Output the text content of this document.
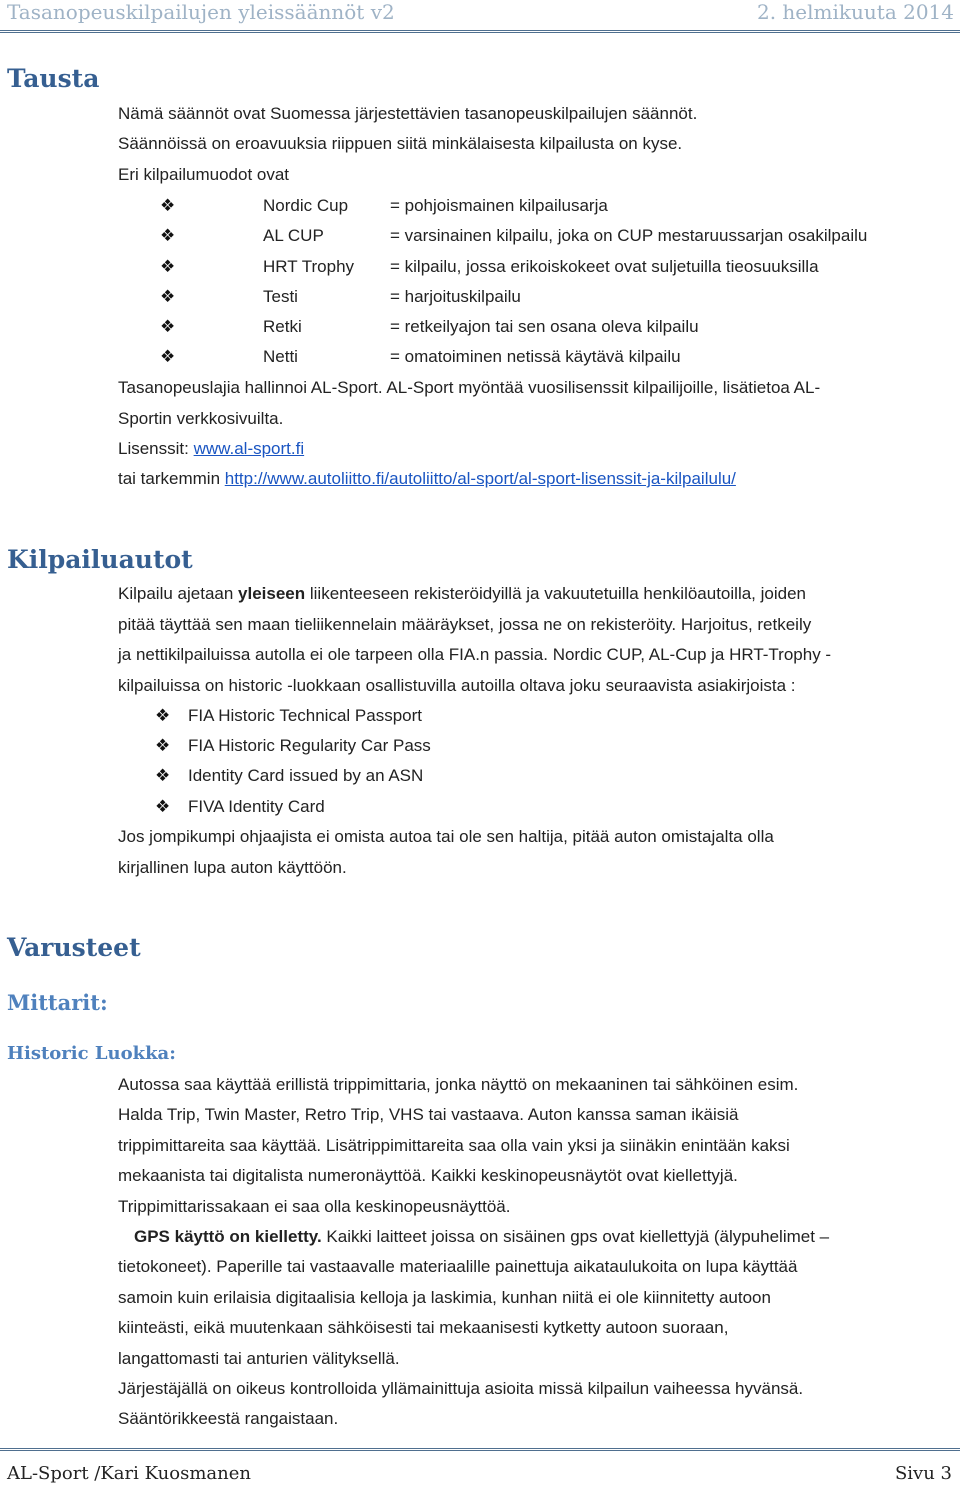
Tasanopeuskilpailujen yleissäännöt v2	2. helmikuuta 2014
Tausta
Nämä säännöt ovat Suomessa järjestettävien tasanopeuskilpailujen säännöt.
Säännöissä on eroavuuksia riippuen siitä minkälaisesta kilpailusta on kyse.
Eri kilpailumuodot ovat
❖	Nordic Cup = pohjoismainen kilpailusarja
❖	AL CUP	= varsinainen kilpailu, joka on CUP mestaruussarjan osakilpailu
❖	HRT Trophy = kilpailu, jossa erikoiskokeet ovat suljetuilla tieosuuksilla
❖	Testi	= harjoituskilpailu
❖	Retki	= retkeilyajon tai sen osana oleva kilpailu
❖	Netti	= omatoiminen netissä käytävä kilpailu
Tasanopeuslajia hallinnoi AL-Sport. AL-Sport myöntää vuosilisenssit kilpailijoille, lisätietoa AL-
Sportin verkkosivuilta.
Lisenssit: www.al-sport.fi
tai tarkemmin http://www.autoliitto.fi/autoliitto/al-sport/al-sport-lisenssit-ja-kilpailulu/
Kilpailuautot
Kilpailu ajetaan yleiseen liikenteeseen rekisteröidyillä ja vakuutetuilla henkilöautoilla, joiden
pitää täyttää sen maan tieliikennelain määräykset, jossa ne on rekisteröity. Harjoitus, retkeily
ja nettikilpailuissa autolla ei ole tarpeen olla FIA.n passia. Nordic CUP, AL-Cup ja HRT-Trophy -
kilpailuissa on historic -luokkaan osallistuvilla autoilla oltava joku seuraavista asiakirjoista :
❖ FIA Historic Technical Passport
❖ FIA Historic Regularity Car Pass
❖ Identity Card issued by an ASN
❖ FIVA Identity Card
Jos jompikumpi ohjaajista ei omista autoa tai ole sen haltija, pitää auton omistajalta olla
kirjallinen lupa auton käyttöön.
Varusteet
Mittarit:
Historic Luokka:
Autossa saa käyttää erillistä trippimittaria, jonka näyttö on mekaaninen tai sähköinen esim.
Halda Trip, Twin Master, Retro Trip, VHS tai vastaava. Auton kanssa saman ikäisiä
trippimittareita saa käyttää. Lisätrippimittareita saa olla vain yksi ja siinäkin enintään kaksi
mekaanista tai digitalista numeronäyttöä. Kaikki keskinopeusnäytöt ovat kiellettyjä.
Trippimittarissakaan ei saa olla keskinopeusnäyttöä.
GPS käyttö on kielletty. Kaikki laitteet joissa on sisäinen gps ovat kiellettyjä (älypuhelimet –
tietokoneet). Paperille tai vastaavalle materiaalille painettuja aikataulukoita on lupa käyttää
samoin kuin erilaisia digitaalisia kelloja ja laskimia, kunhan niitä ei ole kiinnitetty autoon
kiinteästi, eikä muutenkaan sähköisesti tai mekaanisesti kytketty autoon suoraan,
langattomasti tai anturien välityksellä.
Järjestäjällä on oikeus kontrolloida yllämainittuja asioita missä kilpailun vaiheessa hyvänsä.
Sääntörikkeestä rangaistaan.
AL-Sport /Kari Kuosmanen	Sivu 3
